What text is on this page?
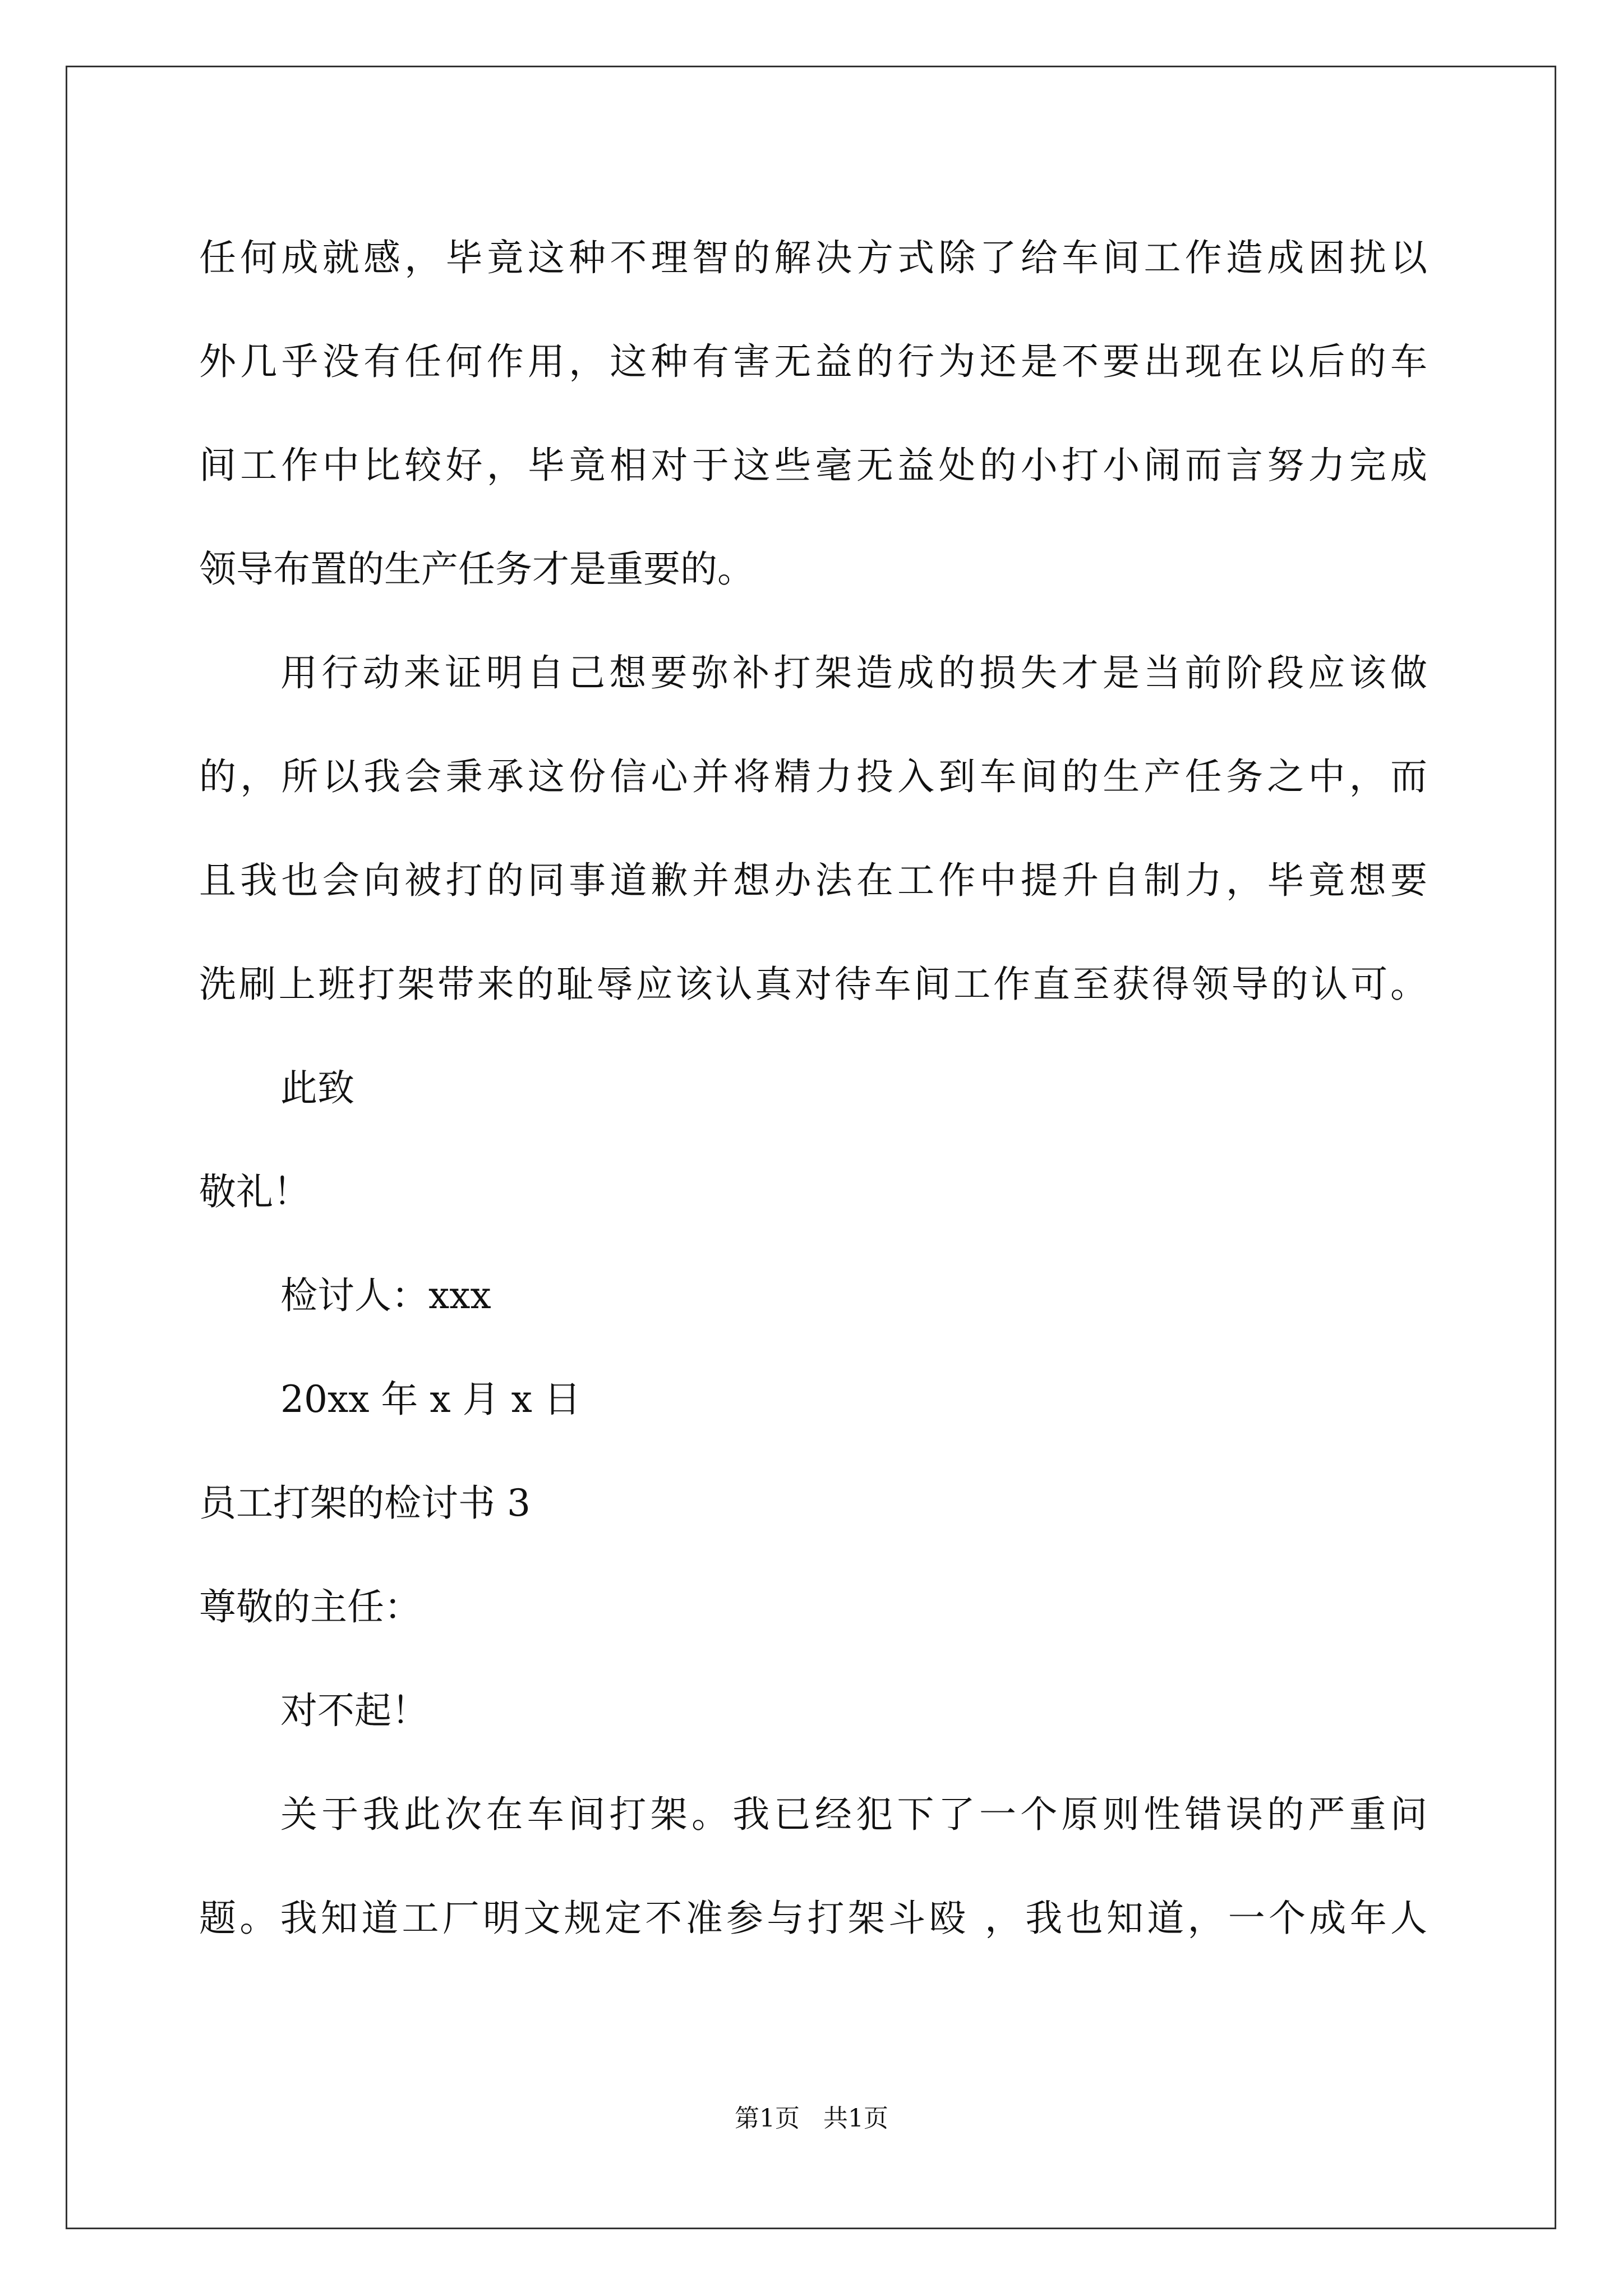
任何成就感，毕竟这种不理智的解决方式除了给车间工作造成困扰以
外几乎没有任何作用，这种有害无益的行为还是不要出现在以后的车
间工作中比较好，毕竟相对于这些毫无益处的小打小闹而言努力完成
领导布置的生产任务才是重要的。
用行动来证明自己想要弥补打架造成的损失才是当前阶段应该做
的，所以我会秉承这份信心并将精力投入到车间的生产任务之中，而
且我也会向被打的同事道歉并想办法在工作中提升自制力，毕竟想要
洗刷上班打架带来的耻辱应该认真对待车间工作直至获得领导的认可。
此致
敬礼！
检讨人：xxx
20xx 年 x 月 x 日
员工打架的检讨书 3
尊敬的主任：
对不起！
关于我此次在车间打架。我已经犯下了一个原则性错误的严重问
题。我知道工厂明文规定不准参与打架斗殴 ，我也知道，一个成年人
第1页   共1页
